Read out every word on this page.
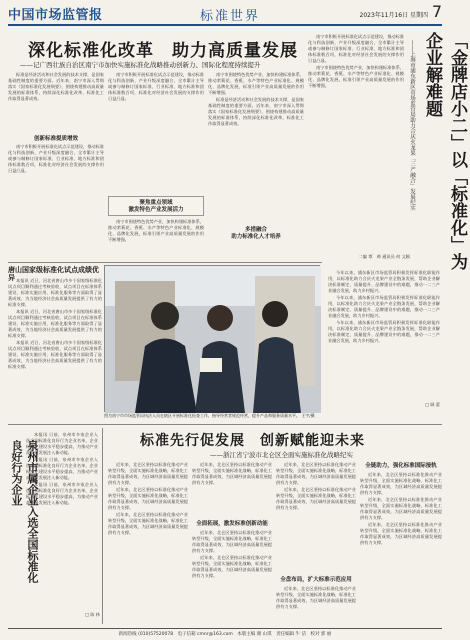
中国市场监管报	标准世界	2023年11月16日 星期四 7
深化标准化改革　助力高质量发展
——记广西壮族自治区南宁市加快实施标准化战略推动创新力、国际化程度持续提升

标准是经济活动和社会发展的技术支撑，是国家基础性制度的重要方面。近年来，南宁市深入贯彻落实《国家标准化发展纲要》，围绕构建推动高质量发展的标准体系，持续深化标准化改革，标准化工作取得显著成效。

创新标准提质增效

南宁市积极开展标准化试点示范建设，推动标准化与科技创新、产业升级深度融合，全市累计主导或参与制修订国家标准、行业标准、地方标准和团体标准数百项，标准化对经济社会发展的支撑作用日益凸显。

南宁市积极开展标准化试点示范建设，推动标准化与科技创新、产业升级深度融合，全市累计主导或参与制修订国家标准、行业标准、地方标准和团体标准数百项，标准化对经济社会发展的支撑作用日益凸显。

聚焦重点领域
激发特色产业发展活力

南宁市围绕特色优势产业，加快构建标准体系，推动茉莉花、香蕉、水产等特色产业标准化、规模化、品牌化发展，标准引领产业高质量发展的作用不断增强。

南宁市围绕特色优势产业，加快构建标准体系，推动茉莉花、香蕉、水产等特色产业标准化、规模化、品牌化发展，标准引领产业高质量发展的作用不断增强。

标准是经济活动和社会发展的技术支撑，是国家基础性制度的重要方面。近年来，南宁市深入贯彻落实《国家标准化发展纲要》，围绕构建推动高质量发展的标准体系，持续深化标准化改革，标准化工作取得显著成效。

多措融合
助力标准化人才培养

南宁市积极开展标准化试点示范建设，推动标准化与科技创新、产业升级深度融合，全市累计主导或参与制修订国家标准、行业标准、地方标准和团体标准数百项，标准化对经济社会发展的支撑作用日益凸显。

南宁市围绕特色优势产业，加快构建标准体系，推动茉莉花、香蕉、水产等特色产业标准化、规模化、品牌化发展，标准引领产业高质量发展的作用不断增强。

二编 覃　帅 通讯员 何 文颖	「金牌店小二」以「标准化」为企业解难题
——上海市浦东新区市场监管局助力合庆火龙果「三产融合」发展纪实

今年以来，浦东新区市场监管局积极发挥标准化职能作用，以标准化助力合庆火龙果产业全链条发展，帮助企业解决标准制定、质量提升、品牌建设中的难题，推动一二三产业融合发展，助力乡村振兴。

今年以来，浦东新区市场监管局积极发挥标准化职能作用，以标准化助力合庆火龙果产业全链条发展，帮助企业解决标准制定、质量提升、品牌建设中的难题，推动一二三产业融合发展，助力乡村振兴。

今年以来，浦东新区市场监管局积极发挥标准化职能作用，以标准化助力合庆火龙果产业全链条发展，帮助企业解决标准制定、质量提升、品牌建设中的难题，推动一二三产业融合发展，助力乡村振兴。

□ 顾 蕾
唐山国家级标准化试点成绩优异 本报讯 近日，河北省唐山市多个国家级标准化试点项目顺利通过考核验收，试点项目在标准体系建设、标准实施应用、标准化服务等方面取得了显著成效，为当地经济社会高质量发展提供了有力的标准支撑。

本报讯 近日，河北省唐山市多个国家级标准化试点项目顺利通过考核验收，试点项目在标准体系建设、标准实施应用、标准化服务等方面取得了显著成效，为当地经济社会高质量发展提供了有力的标准支撑。

本报讯 近日，河北省唐山市多个国家级标准化试点项目顺利通过考核验收，试点项目在标准体系建设、标准实施应用、标准化服务等方面取得了显著成效，为当地经济社会高质量发展提供了有力的标准支撑。

图为南宁市市场监管局执法人员在辖区开展标准化检查工作，指导经营者规范经营，提升产品和服务质量水平。 王宇/摄
泉州市属企业入选全国标准化良好行为企业

本报讯 日前，泉州市多家企业入选全国标准化良好行为企业名单，企业标准化建设水平稳步提高，为推动产业高质量发展注入新动能。

本报讯 日前，泉州市多家企业入选全国标准化良好行为企业名单，企业标准化建设水平稳步提高，为推动产业高质量发展注入新动能。

本报讯 日前，泉州市多家企业入选全国标准化良好行为企业名单，企业标准化建设水平稳步提高，为推动产业高质量发展注入新动能。

□ 陈 林
标准先行促发展　创新赋能迎未来
——浙江省宁波市北仑区全面实施标准化战略纪实

近年来，北仑区坚持以标准化推动产业转型升级，全面实施标准化战略，标准化工作取得显著成效，为区域经济高质量发展提供有力支撑。

近年来，北仑区坚持以标准化推动产业转型升级，全面实施标准化战略，标准化工作取得显著成效，为区域经济高质量发展提供有力支撑。

近年来，北仑区坚持以标准化推动产业转型升级，全面实施标准化战略，标准化工作取得显著成效，为区域经济高质量发展提供有力支撑。

全面拓展，激发标准创新动能

近年来，北仑区坚持以标准化推动产业转型升级，全面实施标准化战略，标准化工作取得显著成效，为区域经济高质量发展提供有力支撑。

近年来，北仑区坚持以标准化推动产业转型升级，全面实施标准化战略，标准化工作取得显著成效，为区域经济高质量发展提供有力支撑。

近年来，北仑区坚持以标准化推动产业转型升级，全面实施标准化战略，标准化工作取得显著成效，为区域经济高质量发展提供有力支撑。

全盘布局，扩大标准示范应用

近年来，北仑区坚持以标准化推动产业转型升级，全面实施标准化战略，标准化工作取得显著成效，为区域经济高质量发展提供有力支撑。

近年来，北仑区坚持以标准化推动产业转型升级，全面实施标准化战略，标准化工作取得显著成效，为区域经济高质量发展提供有力支撑。

近年来，北仑区坚持以标准化推动产业转型升级，全面实施标准化战略，标准化工作取得显著成效，为区域经济高质量发展提供有力支撑。

全链助力，强化标准国际接轨

近年来，北仑区坚持以标准化推动产业转型升级，全面实施标准化战略，标准化工作取得显著成效，为区域经济高质量发展提供有力支撑。

近年来，北仑区坚持以标准化推动产业转型升级，全面实施标准化战略，标准化工作取得显著成效，为区域经济高质量发展提供有力支撑。

近年来，北仑区坚持以标准化推动产业转型升级，全面实施标准化战略，标准化工作取得显著成效，为区域经济高质量发展提供有力支撑。

新闻热线 (010)57520078　电子信箱 cmnr@163.com　本版主编 谢 山琪　责任编辑 牛 洁　校对 郭 丽
